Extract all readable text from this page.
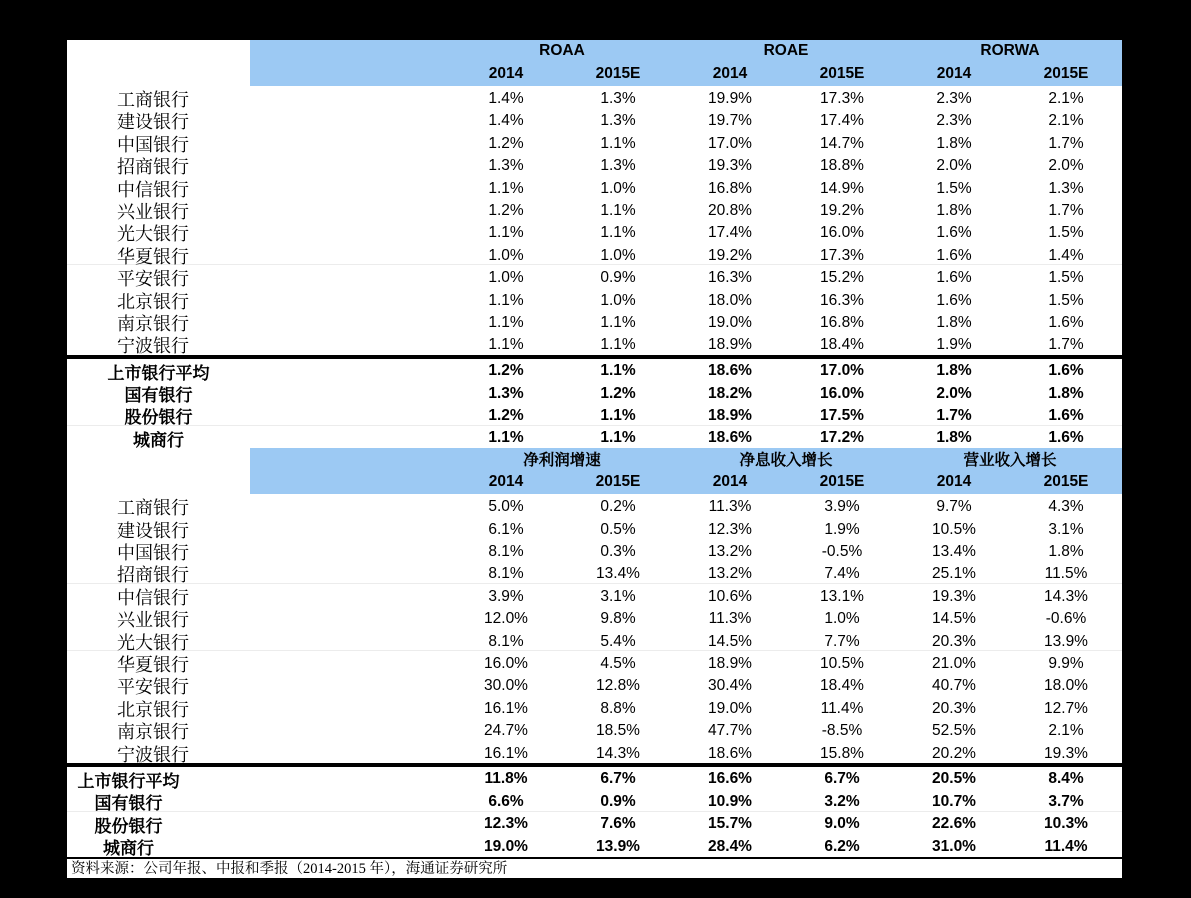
ROAA	ROAE	RORWA
2014	2015E	2014	2015E	2014	2015E
工商银行	1.4%	1.3%	19.9%	17.3%	2.3%	2.1%
建设银行	1.4%	1.3%	19.7%	17.4%	2.3%	2.1%
中国银行	1.2%	1.1%	17.0%	14.7%	1.8%	1.7%
招商银行	1.3%	1.3%	19.3%	18.8%	2.0%	2.0%
中信银行	1.1%	1.0%	16.8%	14.9%	1.5%	1.3%
兴业银行	1.2%	1.1%	20.8%	19.2%	1.8%	1.7%
光大银行	1.1%	1.1%	17.4%	16.0%	1.6%	1.5%
华夏银行	1.0%	1.0%	19.2%	17.3%	1.6%	1.4%
平安银行	1.0%	0.9%	16.3%	15.2%	1.6%	1.5%
北京银行	1.1%	1.0%	18.0%	16.3%	1.6%	1.5%
南京银行	1.1%	1.1%	19.0%	16.8%	1.8%	1.6%
宁波银行	1.1%	1.1%	18.9%	18.4%	1.9%	1.7%
上市银行平均	1.2%	1.1%	18.6%	17.0%	1.8%	1.6%
国有银行	1.3%	1.2%	18.2%	16.0%	2.0%	1.8%
股份银行	1.2%	1.1%	18.9%	17.5%	1.7%	1.6%
城商行	1.1%	1.1%	18.6%	17.2%	1.8%	1.6%
净利润增速	净息收入增长	营业收入增长
2014	2015E	2014	2015E	2014	2015E
工商银行	5.0%	0.2%	11.3%	3.9%	9.7%	4.3%
建设银行	6.1%	0.5%	12.3%	1.9%	10.5%	3.1%
中国银行	8.1%	0.3%	13.2%	-0.5%	13.4%	1.8%
招商银行	8.1%	13.4%	13.2%	7.4%	25.1%	11.5%
中信银行	3.9%	3.1%	10.6%	13.1%	19.3%	14.3%
兴业银行	12.0%	9.8%	11.3%	1.0%	14.5%	-0.6%
光大银行	8.1%	5.4%	14.5%	7.7%	20.3%	13.9%
华夏银行	16.0%	4.5%	18.9%	10.5%	21.0%	9.9%
平安银行	30.0%	12.8%	30.4%	18.4%	40.7%	18.0%
北京银行	16.1%	8.8%	19.0%	11.4%	20.3%	12.7%
南京银行	24.7%	18.5%	47.7%	-8.5%	52.5%	2.1%
宁波银行	16.1%	14.3%	18.6%	15.8%	20.2%	19.3%
上市银行平均	11.8%	6.7%	16.6%	6.7%	20.5%	8.4%
国有银行	6.6%	0.9%	10.9%	3.2%	10.7%	3.7%
股份银行	12.3%	7.6%	15.7%	9.0%	22.6%	10.3%
城商行	19.0%	13.9%	28.4%	6.2%	31.0%	11.4%
资料来源：公司年报、中报和季报（2014-2015 年），海通证券研究所
